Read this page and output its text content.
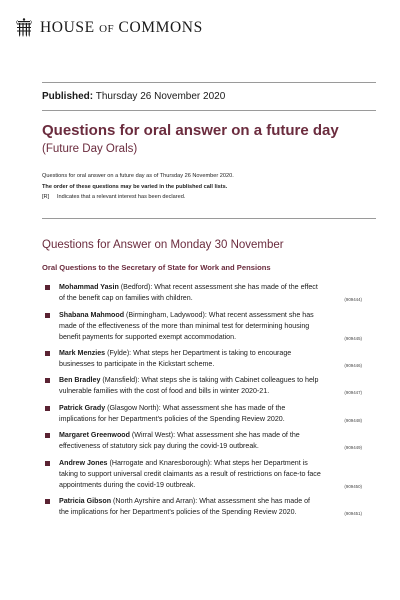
HOUSE OF COMMONS
Published: Thursday 26 November 2020
Questions for oral answer on a future day
(Future Day Orals)
Questions for oral answer on a future day as of Thursday 26 November 2020.
The order of these questions may be varied in the published call lists.
[R] Indicates that a relevant interest has been declared.
Questions for Answer on Monday 30 November
Oral Questions to the Secretary of State for Work and Pensions
Mohammad Yasin (Bedford): What recent assessment she has made of the effect of the benefit cap on families with children.	(909444)
Shabana Mahmood (Birmingham, Ladywood): What recent assessment she has made of the effectiveness of the more than minimal test for determining housing benefit payments for supported exempt accommodation.	(909445)
Mark Menzies (Fylde): What steps her Department is taking to encourage businesses to participate in the Kickstart scheme.	(909446)
Ben Bradley (Mansfield): What steps she is taking with Cabinet colleagues to help vulnerable families with the cost of food and bills in winter 2020-21.	(909447)
Patrick Grady (Glasgow North): What assessment she has made of the implications for her Department's policies of the Spending Review 2020.	(909448)
Margaret Greenwood (Wirral West): What assessment she has made of the effectiveness of statutory sick pay during the covid-19 outbreak.	(909449)
Andrew Jones (Harrogate and Knaresborough): What steps her Department is taking to support universal credit claimants as a result of restrictions on face-to face appointments during the covid-19 outbreak.	(909450)
Patricia Gibson (North Ayrshire and Arran): What assessment she has made of the implications for her Department's policies of the Spending Review 2020.	(909451)
